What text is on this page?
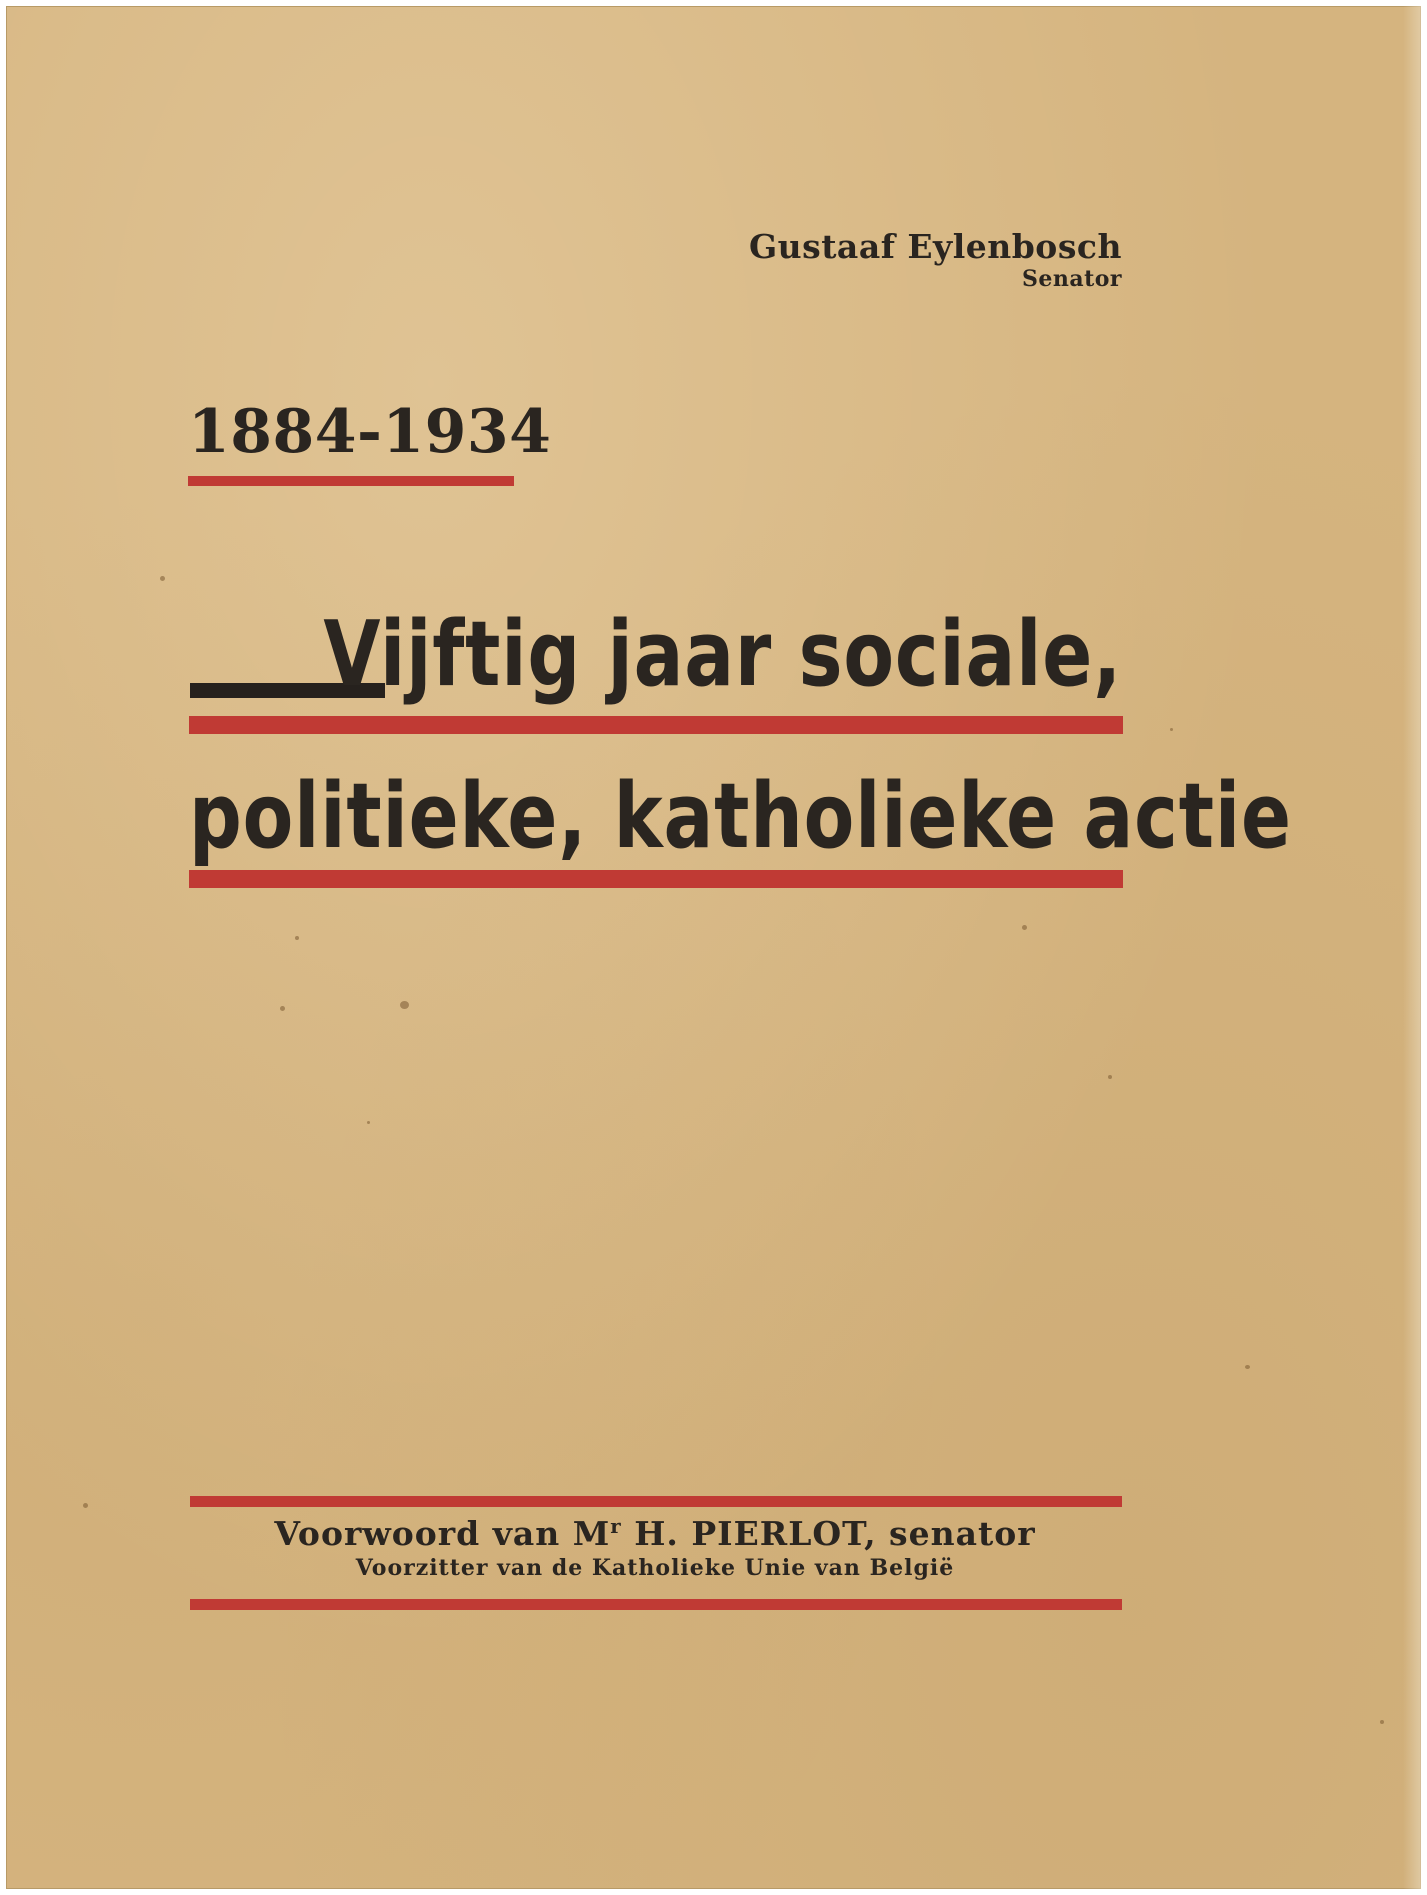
Gustaaf Eylenbosch
Senator
1884-1934
Vijftig jaar sociale,
politieke, katholieke actie
Voorwoord van $M^r$ H. PIERLOT, senator
Voorzitter van de Katholieke Unie van België
